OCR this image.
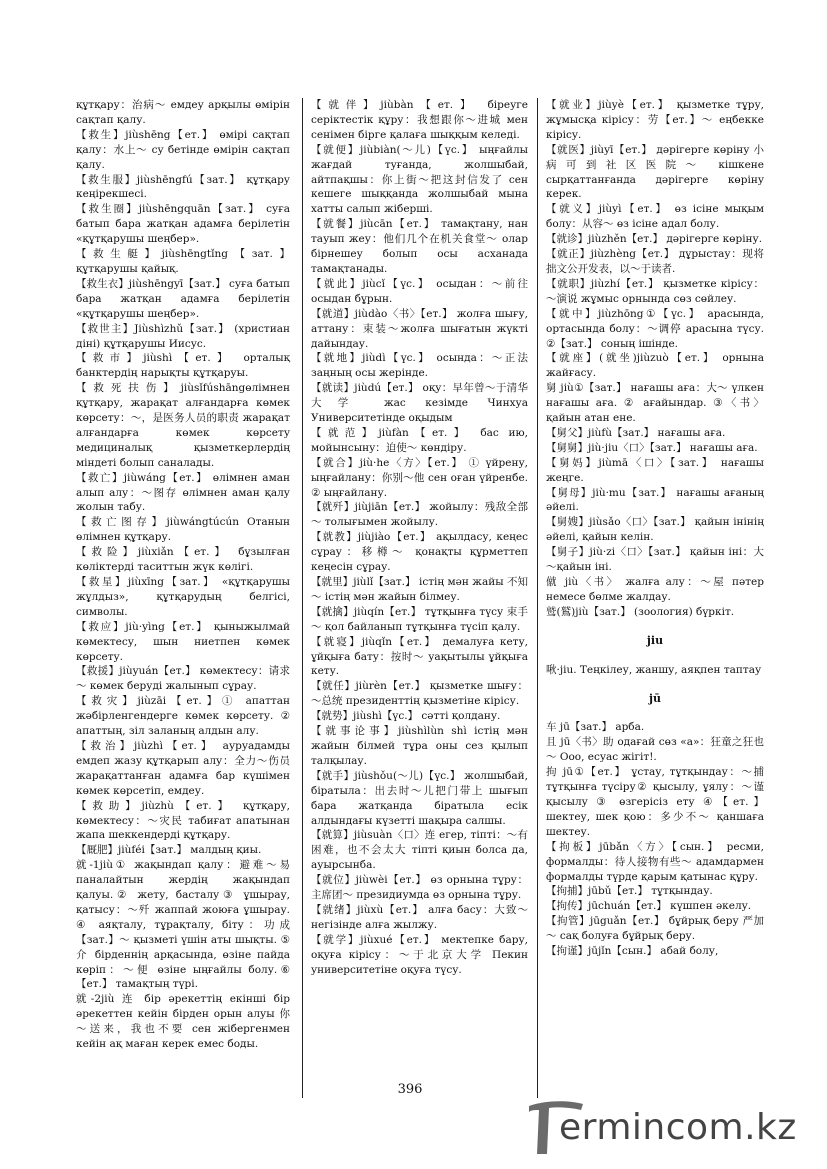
құтқару：治病～ емдеу арқылы өмірін сақтап қалу.

【救生】jiùshēng【ет.】 өмірі сақтап қалу：水上～ су бетінде өмірін сақтап қалу.

【救生服】jiùshēngfú【зат.】 құтқару кеңірекшесі.

【救生圈】jiùshēngquān【зат.】 суға батып бара жатқан адамға берілетін «құтқарушы шеңбер».

【救生艇】jiùshēngtǐng【зат.】 құтқарушы қайық.

【救生衣】jiùshēngyī【зат.】 суға батып бара жатқан адамға берілетін «құтқарушы шеңбер».

【救世主】Jiùshìzhǔ【зат.】 (христиан діні) құтқарушы Иисус.

【救市】jiùshì【ет.】 орталық банктердің нарықты құтқаруы.

【救死扶伤】jiùsǐfúshāngөлімнен құтқару, жарақат алғандарға көмек көрсету：～，是医务人员的职责 жарақат алғандарға көмек көрсету медициналық қызметкерлердің міндеті болып саналады.

【救亡】jiùwáng【ет.】 өлімнен аман алып алу：～图存 өлімнен аман қалу жолын табу.

【救亡图存】jiùwángtúcún Отанын өлімнен құтқару.

【救险】jiùxiǎn【ет.】 бұзылған көліктерді таситтын жүк көлігі.

【救星】jiùxīng【зат.】 «құтқарушы жұлдыз», құтқарудың белгісі, символы.

【救应】jiù·yìng【ет.】 қыныжылмай көмектесу, шын ниетпен көмек көрсету.

【救援】jiùyuán【ет.】 көмектесу：请求～ көмек беруді жалынып сұрау.

【救灾】jiùzāi【ет.】① апаттан жәбірленгендерге көмек көрсету. ② апаттың, зіл заланың алдын алу.

【救治】jiùzhì【ет.】 ауруадамды емдеп жазу құтқарып алу：全力～伤员 жарақаттанған адамға бар күшімен көмек көрсетіп, емдеу.

【救助】jiùzhù【ет.】 құтқару, көмектесу：～灾民 табиғат апатынан жапа шеккендерді құтқару.

【厩肥】jiùféi【зат.】 малдың қиы.

就-1jiù① жақындап қалу：避难～易 паналайтын жердің жақындап қалуы.② жету, басталу③ ұшырау, қатысу：～歼 жаппай жоюға ұшырау. ④ аяқталу, тұрақталу, біту：功成【зат.】～ қызметі үшін аты шықты. ⑤ 介 бірденнің арқасында, өзіне пайда көріп：～便 өзіне ыңғайлы болу.⑥【ет.】 тамақтың түрі.

就-2jiù 连 бір әрекеттің екінші бір әрекеттен кейін бірден орын алуы 你～送来，我也不要 сен жібергенмен кейін ақ маған керек емес боды.

【就伴】jiùbàn【ет.】 біреуге серіктестік құру：我想跟你～进城 мен сенімен бірге қалаға шыққым келеді.

【就便】jiùbiàn(～儿)【үс.】 ыңғайлы жағдай туғанда, жолшыбай, айтпақшы：你上街～把这封信发了 сен кешеге шыққанда жолшыбай мына хатты салып жіберші.

【就餐】jiùcān【ет.】 тамақтану, нан тауып жеу：他们几个在机关食堂～ олар бірнешеу болып осы асханада тамақтанады.

【就此】jiùcǐ【үс.】 осыдан：～前往 осыдан бұрын.

【就道】jiùdào〈书〉【ет.】 жолға шығу, аттану：束装～жолға шығатын жүкті дайындау.

【就地】jiùdì【үс.】 осында：～正法 заңның осы жерінде.

【就读】jiùdú【ет.】 оқу：早年曾～于清华大学 жас кезімде Чинхуа Университетінде оқыдым

【就范】jiùfàn【ет.】 бас ию, мойынсыну：迫使～ көндіру.

【就合】jiù·he〈方〉【ет.】 ① үйрену, ыңғайлану：你别～他 сен оған үйренбе. ② ыңғайлану.

【就歼】jiùjiān【ет.】 жойылу：残敌全部～ толығымен жойылу.

【就教】jiùjiào【ет.】 ақылдасу, кеңес сұрау：移樽～ қонақты құрметтеп кеңесін сұрау.

【就里】jiùlǐ【зат.】 істің мән жайы 不知～ істің мән жайын білмеу.

【就擒】jiùqín【ет.】 тұтқынға түсу 束手～ қол байланып тұтқынға түсіп қалу.

【就寝】jiùqǐn【ет.】 демалуға кету, ұйқыға бату：按时～ уақытылы ұйқыға кету.

【就任】jiùrèn【ет.】 қызметке шығу：～总统 президенттің қызметіне кірісу.

【就势】jiùshì【үс.】 сәтті қолдану.

【就事论事】jiùshìlùn shì істің мән жайын білмей тұра оны сез қылып талқылау.

【就手】jiùshǒu(～儿)【үс.】 жолшыбай, біратыла：出去时～儿把门带上 шығып бара жатқанда біратыла есік алдындағы күзетті шақыра салшы.

【就算】jiùsuàn〈口〉连 егер, тіпті：～有困难，也不会太大 тіпті қиын болса да, ауырсынба.

【就位】jiùwèi【ет.】 өз орнына тұру：主席团～ президиумда өз орнына тұру.

【就绪】jiùxù【ет.】 алға басу：大致～ негізінде алға жылжу.

【就学】jiùxué【ет.】 мектепке бару, оқуға кірісу：～于北京大学 Пекин университетіне оқуға түсу.

【就业】jiùyè【ет.】 қызметке тұру, жұмысқа кірісу：劳【ет.】～ еңбекке кірісу.

【就医】jiùyī【ет.】 дәрігерге көріну 小病可到社区医院～ кішкене сырқаттанғанда дәрігерге көріну керек.

【就义】jiùyì【ет.】 өз ісіне мықым болу：从容～ өз ісіне адал болу.

【就诊】jiùzhěn【ет.】 дәрігерге көріну.

【就正】jiùzhèng【ет.】 дұрыстау：现将拙文公开发表，以～于读者.

【就职】jiùzhí【ет.】 қызметке кірісу：～演说 жұмыс орнында сөз сөйлеу.

【就中】jiùzhōng①【үс.】 арасында, ортасында болу：～调停 арасына түсу. ②【зат.】 соның ішінде.

【就座】(就坐)jiùzuò【ет.】 орнына жайғасу.

舅 jiù①【зат.】 нағашы аға：大～ үлкен нағашы аға. ② ағайындар. ③〈书〉 қайын атан ене.

【舅父】jiùfù【зат.】 нағашы аға.

【舅舅】jiù·jiu〈口〉【зат.】 нағашы аға.

【舅妈】jiùmā〈口〉【зат.】 нағашы жеңге.

【舅母】jiù·mu【зат.】 нағашы ағаның әйелі.

【舅嫂】jiùsǎo〈口〉【зат.】 қайын інінің әйелі, қайын келін.

【舅子】jiù·zi〈口〉【зат.】 қайын іні：大～қайын іні.

僦 jiù〈书〉 жалға алу：～屋 пәтер немесе бөлме жалдау.

鹫(鷲)jiù【зат.】 (зоология) бүркіт.

jiu

啾·jiu. Теңкілеу, жаншу, аяқпен таптау

jū

车 jū【зат.】 арба.

且 jū〈书〉助 одағай сөз «а»：狂童之狂也～ Ооо, есуас жігіт!.

拘 jū①【ет.】 ұстау, тұтқындау：～捕 тұтқынға түсіру② қысылу, ұялу：～谨 қысылу ③ өзгерісіз ету ④【ет.】 шектеу, шек қою：多少不～ қаншаға шектеу.

【拘板】jūbǎn〈方〉【сын.】 ресми, формалды：待人接物有些～ адамдармен формалды түрде қарым қатынас құру.

【拘捕】jūbǔ【ет.】 тұтқындау.

【拘传】jūchuán【ет.】 күшпен әкелу.

【拘管】jūguǎn【ет.】 бұйрық беру 严加～ сақ болуға бұйрық беру.

【拘谨】jūjǐn【сын.】 абай болу,

396
ermincom.kz
